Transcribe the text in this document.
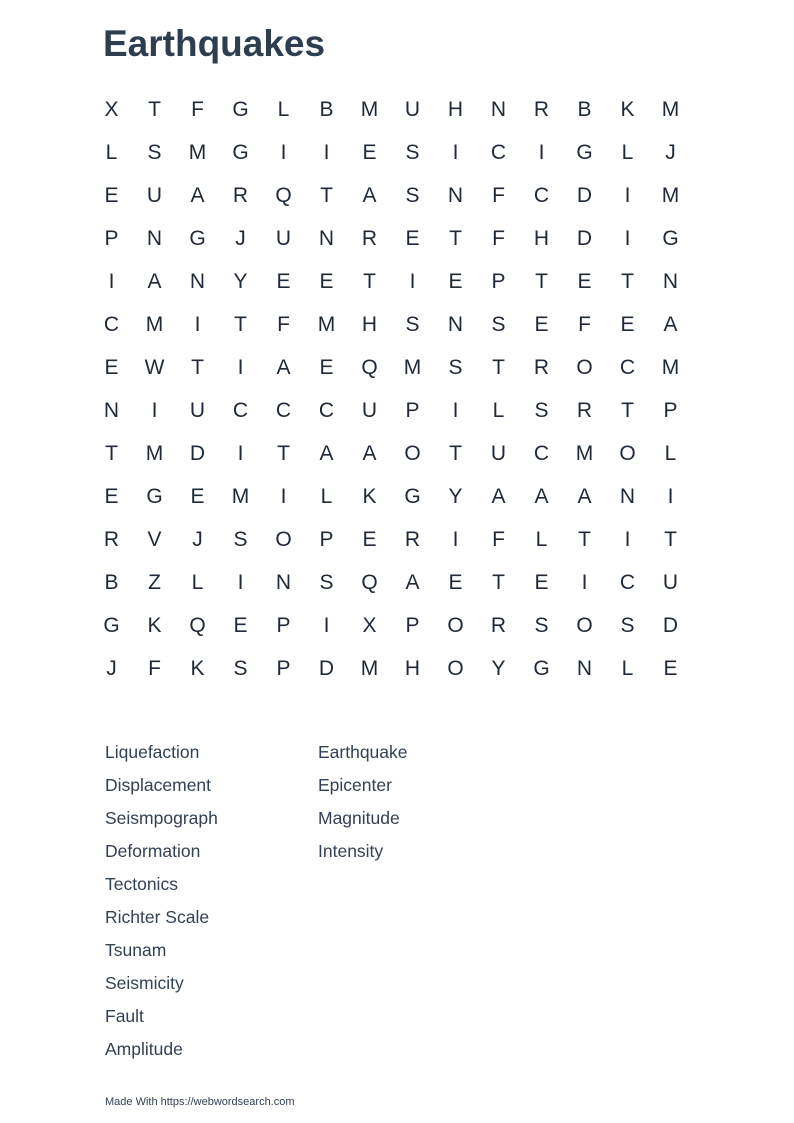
Earthquakes
X	T	F	G	L	B	M	U	H	N	R	B	K	M
L	S	M	G	I	I	E	S	I	C	I	G	L	J
E	U	A	R	Q	T	A	S	N	F	C	D	I	M
P	N	G	J	U	N	R	E	T	F	H	D	I	G
I	A	N	Y	E	E	T	I	E	P	T	E	T	N
C	M	I	T	F	M	H	S	N	S	E	F	E	A
E	W	T	I	A	E	Q	M	S	T	R	O	C	M
N	I	U	C	C	C	U	P	I	L	S	R	T	P
T	M	D	I	T	A	A	O	T	U	C	M	O	L
E	G	E	M	I	L	K	G	Y	A	A	A	N	I
R	V	J	S	O	P	E	R	I	F	L	T	I	T
B	Z	L	I	N	S	Q	A	E	T	E	I	C	U
G	K	Q	E	P	I	X	P	O	R	S	O	S	D
J	F	K	S	P	D	M	H	O	Y	G	N	L	E
Liquefaction
Displacement
Seismpograph
Deformation
Tectonics
Richter Scale
Tsunam
Seismicity
Fault
Amplitude
Earthquake
Epicenter
Magnitude
Intensity
Made With https://webwordsearch.com
